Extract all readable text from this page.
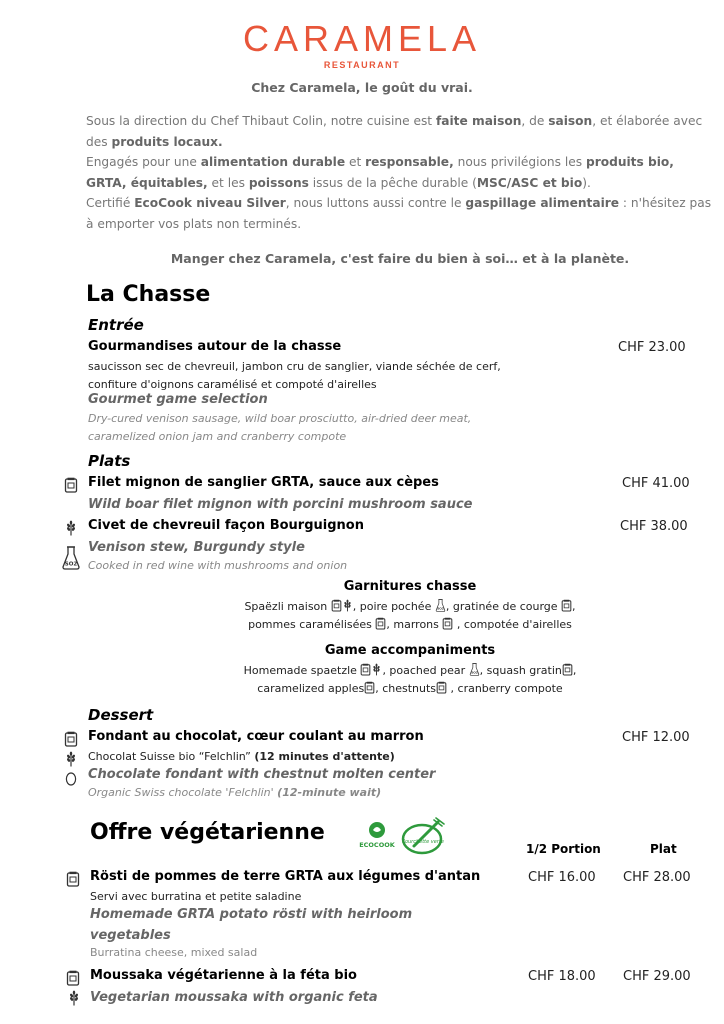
CARAMELA
RESTAURANT
Chez Caramela, le goût du vrai.
Sous la direction du Chef Thibaut Colin, notre cuisine est faite maison, de saison, et élaborée avec des produits locaux.
Engagés pour une alimentation durable et responsable, nous privilégions les produits bio, GRTA, équitables, et les poissons issus de la pêche durable (MSC/ASC et bio).
Certifié EcoCook niveau Silver, nous luttons aussi contre le gaspillage alimentaire : n'hésitez pas à emporter vos plats non terminés.
Manger chez Caramela, c'est faire du bien à soi… et à la planète.
La Chasse
Entrée
Gourmandises autour de la chasse	CHF 23.00
saucisson sec de chevreuil, jambon cru de sanglier, viande séchée de cerf,
confiture d'oignons caramélisé et compoté d'airelles
Gourmet game selection
Dry-cured venison sausage, wild boar prosciutto, air-dried deer meat,
caramelized onion jam and cranberry compote
Plats
Filet mignon de sanglier GRTA, sauce aux cèpes	CHF 41.00
Wild boar filet mignon with porcini mushroom sauce
Civet de chevreuil façon Bourguignon	CHF 38.00
SO2
Venison stew, Burgundy style
Cooked in red wine with mushrooms and onion
Garnitures chasse
Spaëzli maison , poire pochée SO2 , gratinée de courge ,
pommes caramélisées , marrons , compotée d'airelles
Game accompaniments
Homemade spaetzle , poached pear SO2 , squash gratin ,
caramelized apples , chestnuts , cranberry compote
Dessert
Fondant au chocolat, cœur coulant au marron	CHF 12.00
Chocolat Suisse bio “Felchlin” (12 minutes d'attente)
Chocolate fondant with chestnut molten center
Organic Swiss chocolate 'Felchlin' (12-minute wait)
Offre végétarienne	ECOCOOK Fourchette verte	1/2 Portion	Plat
Rösti de pommes de terre GRTA aux légumes d'antan	CHF 16.00 CHF 28.00
Servi avec burratina et petite saladine
Homemade GRTA potato rösti with heirloom
vegetables
Burratina cheese, mixed salad
Moussaka végétarienne à la féta bio	CHF 18.00 CHF 29.00
Vegetarian moussaka with organic feta
